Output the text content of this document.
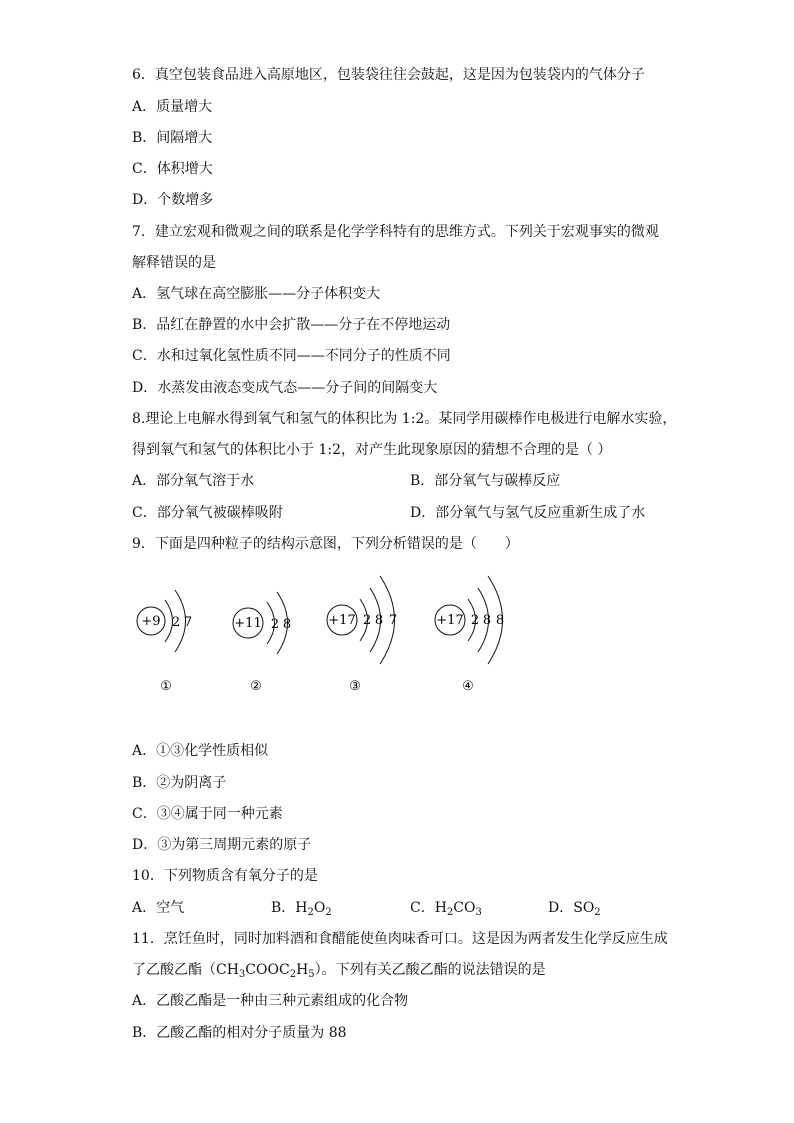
6．真空包装食品进入高原地区，包装袋往往会鼓起，这是因为包装袋内的气体分子
A．质量增大
B．间隔增大
C．体积增大
D．个数增多
7．建立宏观和微观之间的联系是化学学科特有的思维方式。下列关于宏观事实的微观
解释错误的是
A．氢气球在高空膨胀——分子体积变大
B．品红在静置的水中会扩散——分子在不停地运动
C．水和过氧化氢性质不同——不同分子的性质不同
D．水蒸发由液态变成气态——分子间的间隔变大
8.理论上电解水得到氧气和氢气的体积比为 1:2。某同学用碳棒作电极进行电解水实验，
得到氧气和氢气的体积比小于 1:2，对产生此现象原因的猜想不合理的是（ ）
A．部分氧气溶于水	B．部分氧气与碳棒反应
C．部分氧气被碳棒吸附	D．部分氧气与氢气反应重新生成了水
9．下面是四种粒子的结构示意图，下列分析错误的是（　　）
+9 2 7
①
+11 2 8
②
+17 2 8 7
③
+17 2 8 8
④
A．①③化学性质相似
B．②为阴离子
C．③④属于同一种元素
D．③为第三周期元素的原子
10．下列物质含有氧分子的是
A．空气	B．$H_2O_2$	C．$H_2CO_3$	D．$SO_2$
11．烹饪鱼时，同时加料酒和食醋能使鱼肉味香可口。这是因为两者发生化学反应生成
了乙酸乙酯$(CH_3COOC_2H_5)$。下列有关乙酸乙酯的说法错误的是
A．乙酸乙酯是一种由三种元素组成的化合物
B．乙酸乙酯的相对分子质量为 88
